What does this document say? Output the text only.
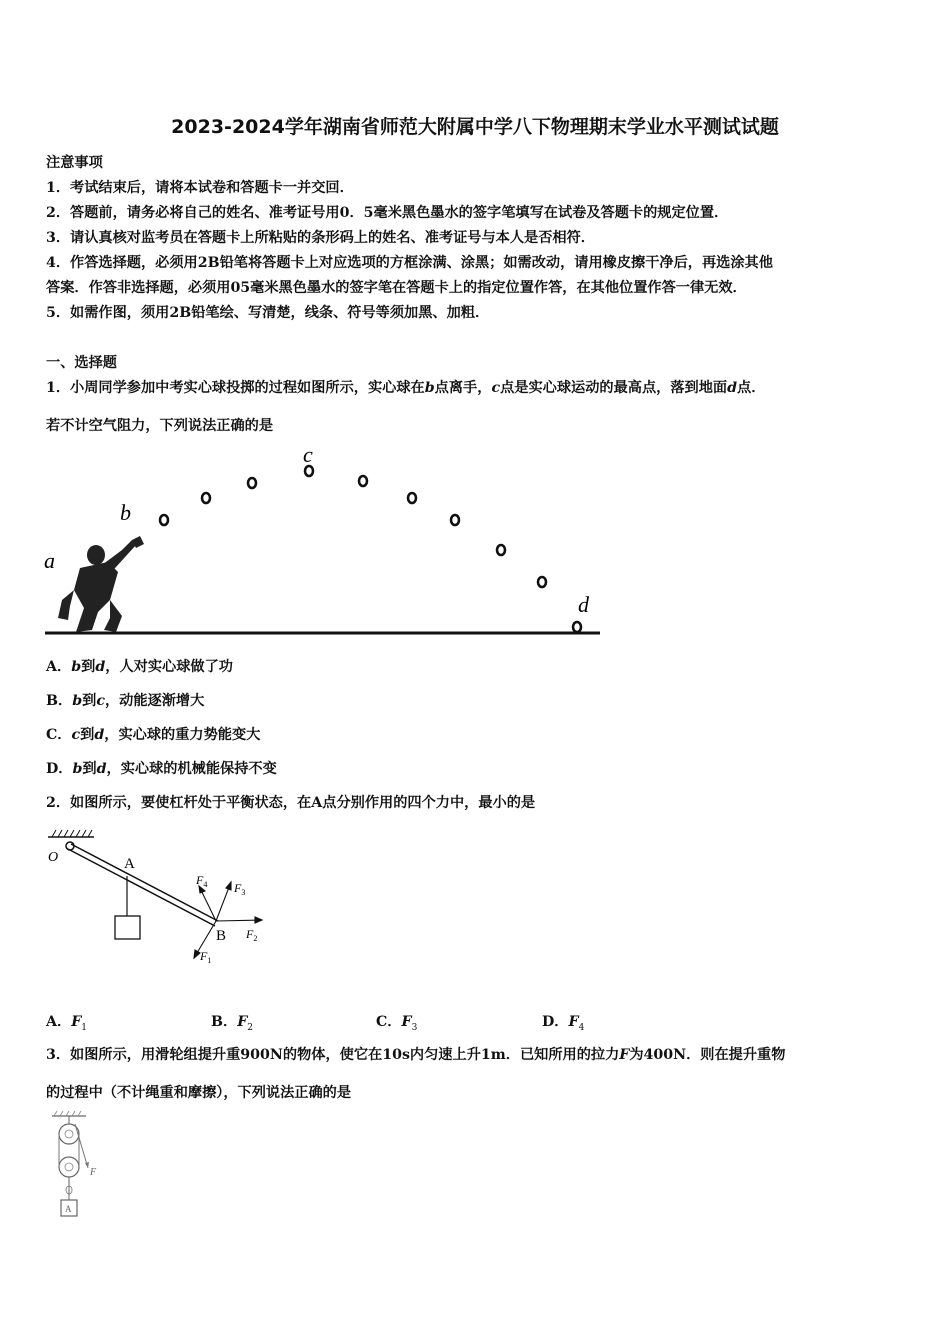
2023-2024学年湖南省师范大附属中学八下物理期末学业水平测试试题
注意事项
1．考试结束后，请将本试卷和答题卡一并交回．
2．答题前，请务必将自己的姓名、准考证号用0．5毫米黑色墨水的签字笔填写在试卷及答题卡的规定位置．
3．请认真核对监考员在答题卡上所粘贴的条形码上的姓名、准考证号与本人是否相符．
4．作答选择题，必须用2B铅笔将答题卡上对应选项的方框涂满、涂黑；如需改动，请用橡皮擦干净后，再选涂其他
答案．作答非选择题，必须用05毫米黑色墨水的签字笔在答题卡上的指定位置作答，在其他位置作答一律无效．
5．如需作图，须用2B铅笔绘、写清楚，线条、符号等须加黑、加粗．
一、选择题
1．小周同学参加中考实心球投掷的过程如图所示，实心球在b点离手，c点是实心球运动的最高点，落到地面d点．
若不计空气阻力，下列说法正确的是
a
b
c
d
A．b到d，人对实心球做了功
B．b到c，动能逐渐增大
C．c到d，实心球的重力势能变大
D．b到d，实心球的机械能保持不变
2．如图所示，要使杠杆处于平衡状态，在A点分别作用的四个力中，最小的是
O	A
B
$F_4$ $F_3$
$F_2$
$F_1$
A．$F_1$	B．$F_2$	C．$F_3$	D．$F_4$
3．如图所示，用滑轮组提升重900N的物体，使它在10s内匀速上升1m．已知所用的拉力F为400N．则在提升重物
的过程中（不计绳重和摩擦），下列说法正确的是
F
A
